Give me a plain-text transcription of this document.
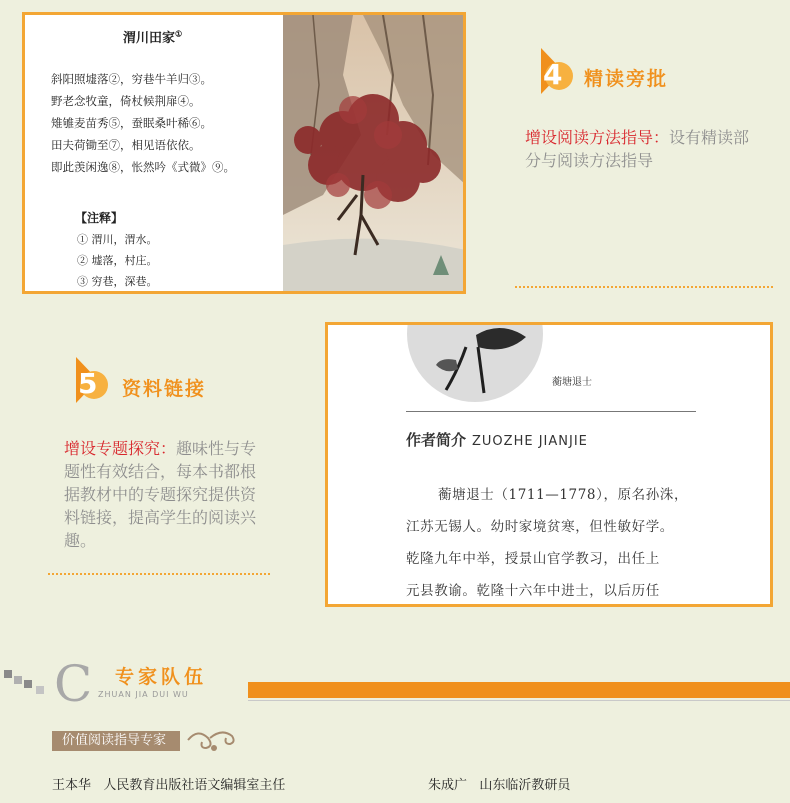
渭川田家①
斜阳照墟落②，穷巷牛羊归③。
野老念牧童，倚杖候荆扉④。
雉雊麦苗秀⑤，蚕眠桑叶稀⑥。
田夫荷锄至⑦，相见语依依。
即此羡闲逸⑧，怅然吟《式微》⑨。
【注释】
① 渭川，渭水。
② 墟落，村庄。
③ 穷巷，深巷。
4 精读旁批
增设阅读方法指导：设有精读部分与阅读方法指导
5 资料链接
增设专题探究：趣味性与专题性有效结合，每本书都根据教材中的专题探究提供资料链接，提高学生的阅读兴趣。
蘅塘退士
作者简介 ZUOZHE JIANJIE
蘅塘退士（1711—1778），原名孙洙，
江苏无锡人。幼时家境贫寒，但性敏好学。
乾隆九年中举，授景山官学教习，出任上
元县教谕。乾隆十六年中进士，以后历任
C 专家队伍
ZHUAN JIA DUI WU
价值阅读指导专家
王本华 人民教育出版社语文编辑室主任	朱成广 山东临沂教研员
